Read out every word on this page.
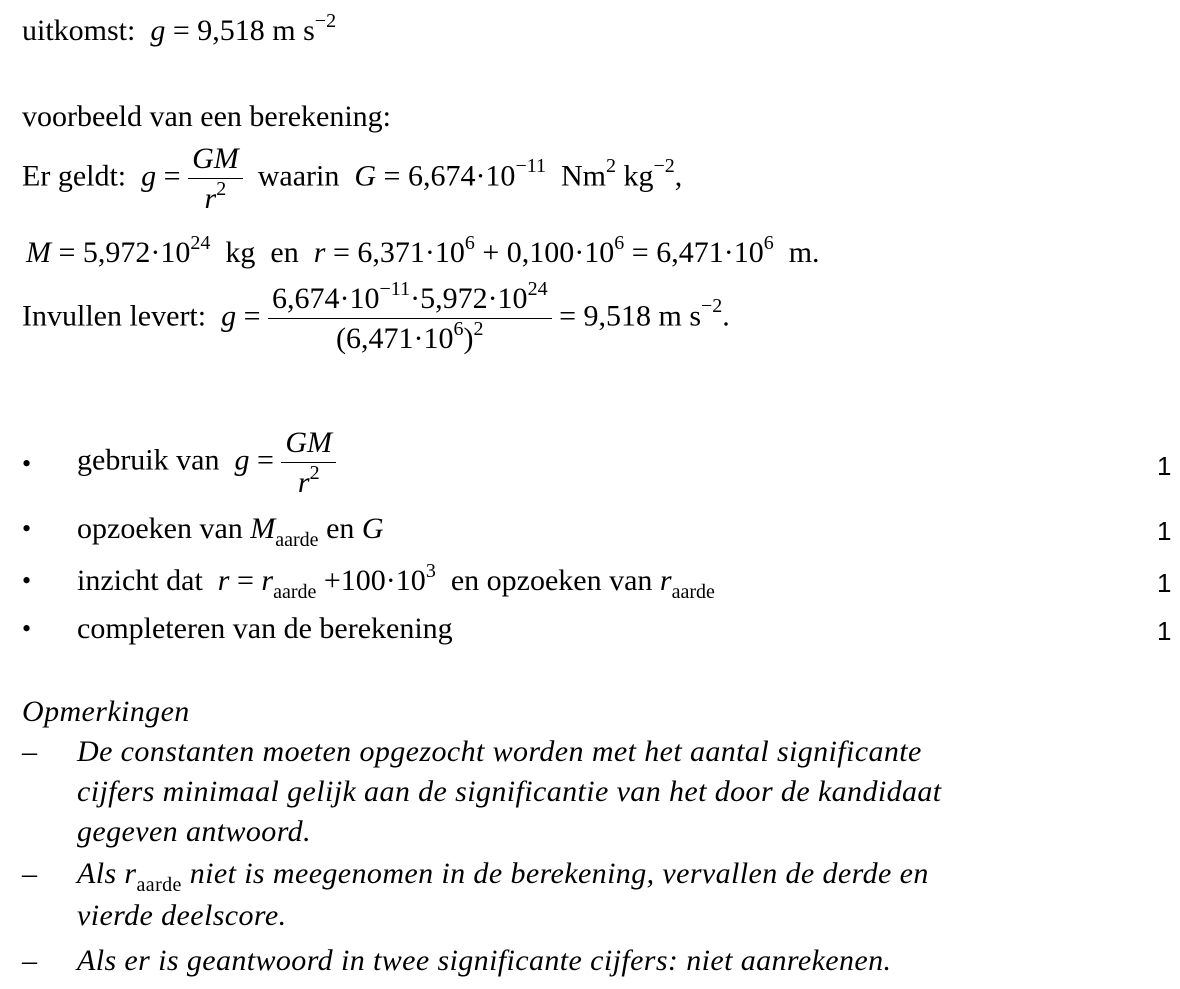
uitkomst: g = 9,518 m $s^{-2}$
voorbeeld van een berekening:
Er geldt: $g = \frac{GM}{r^2}$ waarin $G = 6,674\cdot 10^{-11}$ Nm$^2$ $kg^{-2}$,
$M = 5,972\cdot 10^{24}$ kg en $r = 6,371\cdot 10^6 + 0,100\cdot 10^6 = 6,471\cdot 10^6$ m.
Invullen levert: $g = \frac{6,674\cdot 10^{-11}\cdot 5,972\cdot 10^{24}}{(6,471\cdot 10^6)^2} = 9,518$ m $s^{-2}$.
• gebruik van $g = \frac{GM}{r^2}$	1
• opzoeken van $M_{aarde}$ en G	1
• inzicht dat $r = r_{aarde} +100\cdot 10^3$ en opzoeken van $r_{aarde}$	1
• completeren van de berekening	1
Opmerkingen
– De constanten moeten opgezocht worden met het aantal significante
cijfers minimaal gelijk aan de significantie van het door de kandidaat
gegeven antwoord.
– Als $r_{aarde}$ niet is meegenomen in de berekening, vervallen de derde en
vierde deelscore.
– Als er is geantwoord in twee significante cijfers: niet aanrekenen.
